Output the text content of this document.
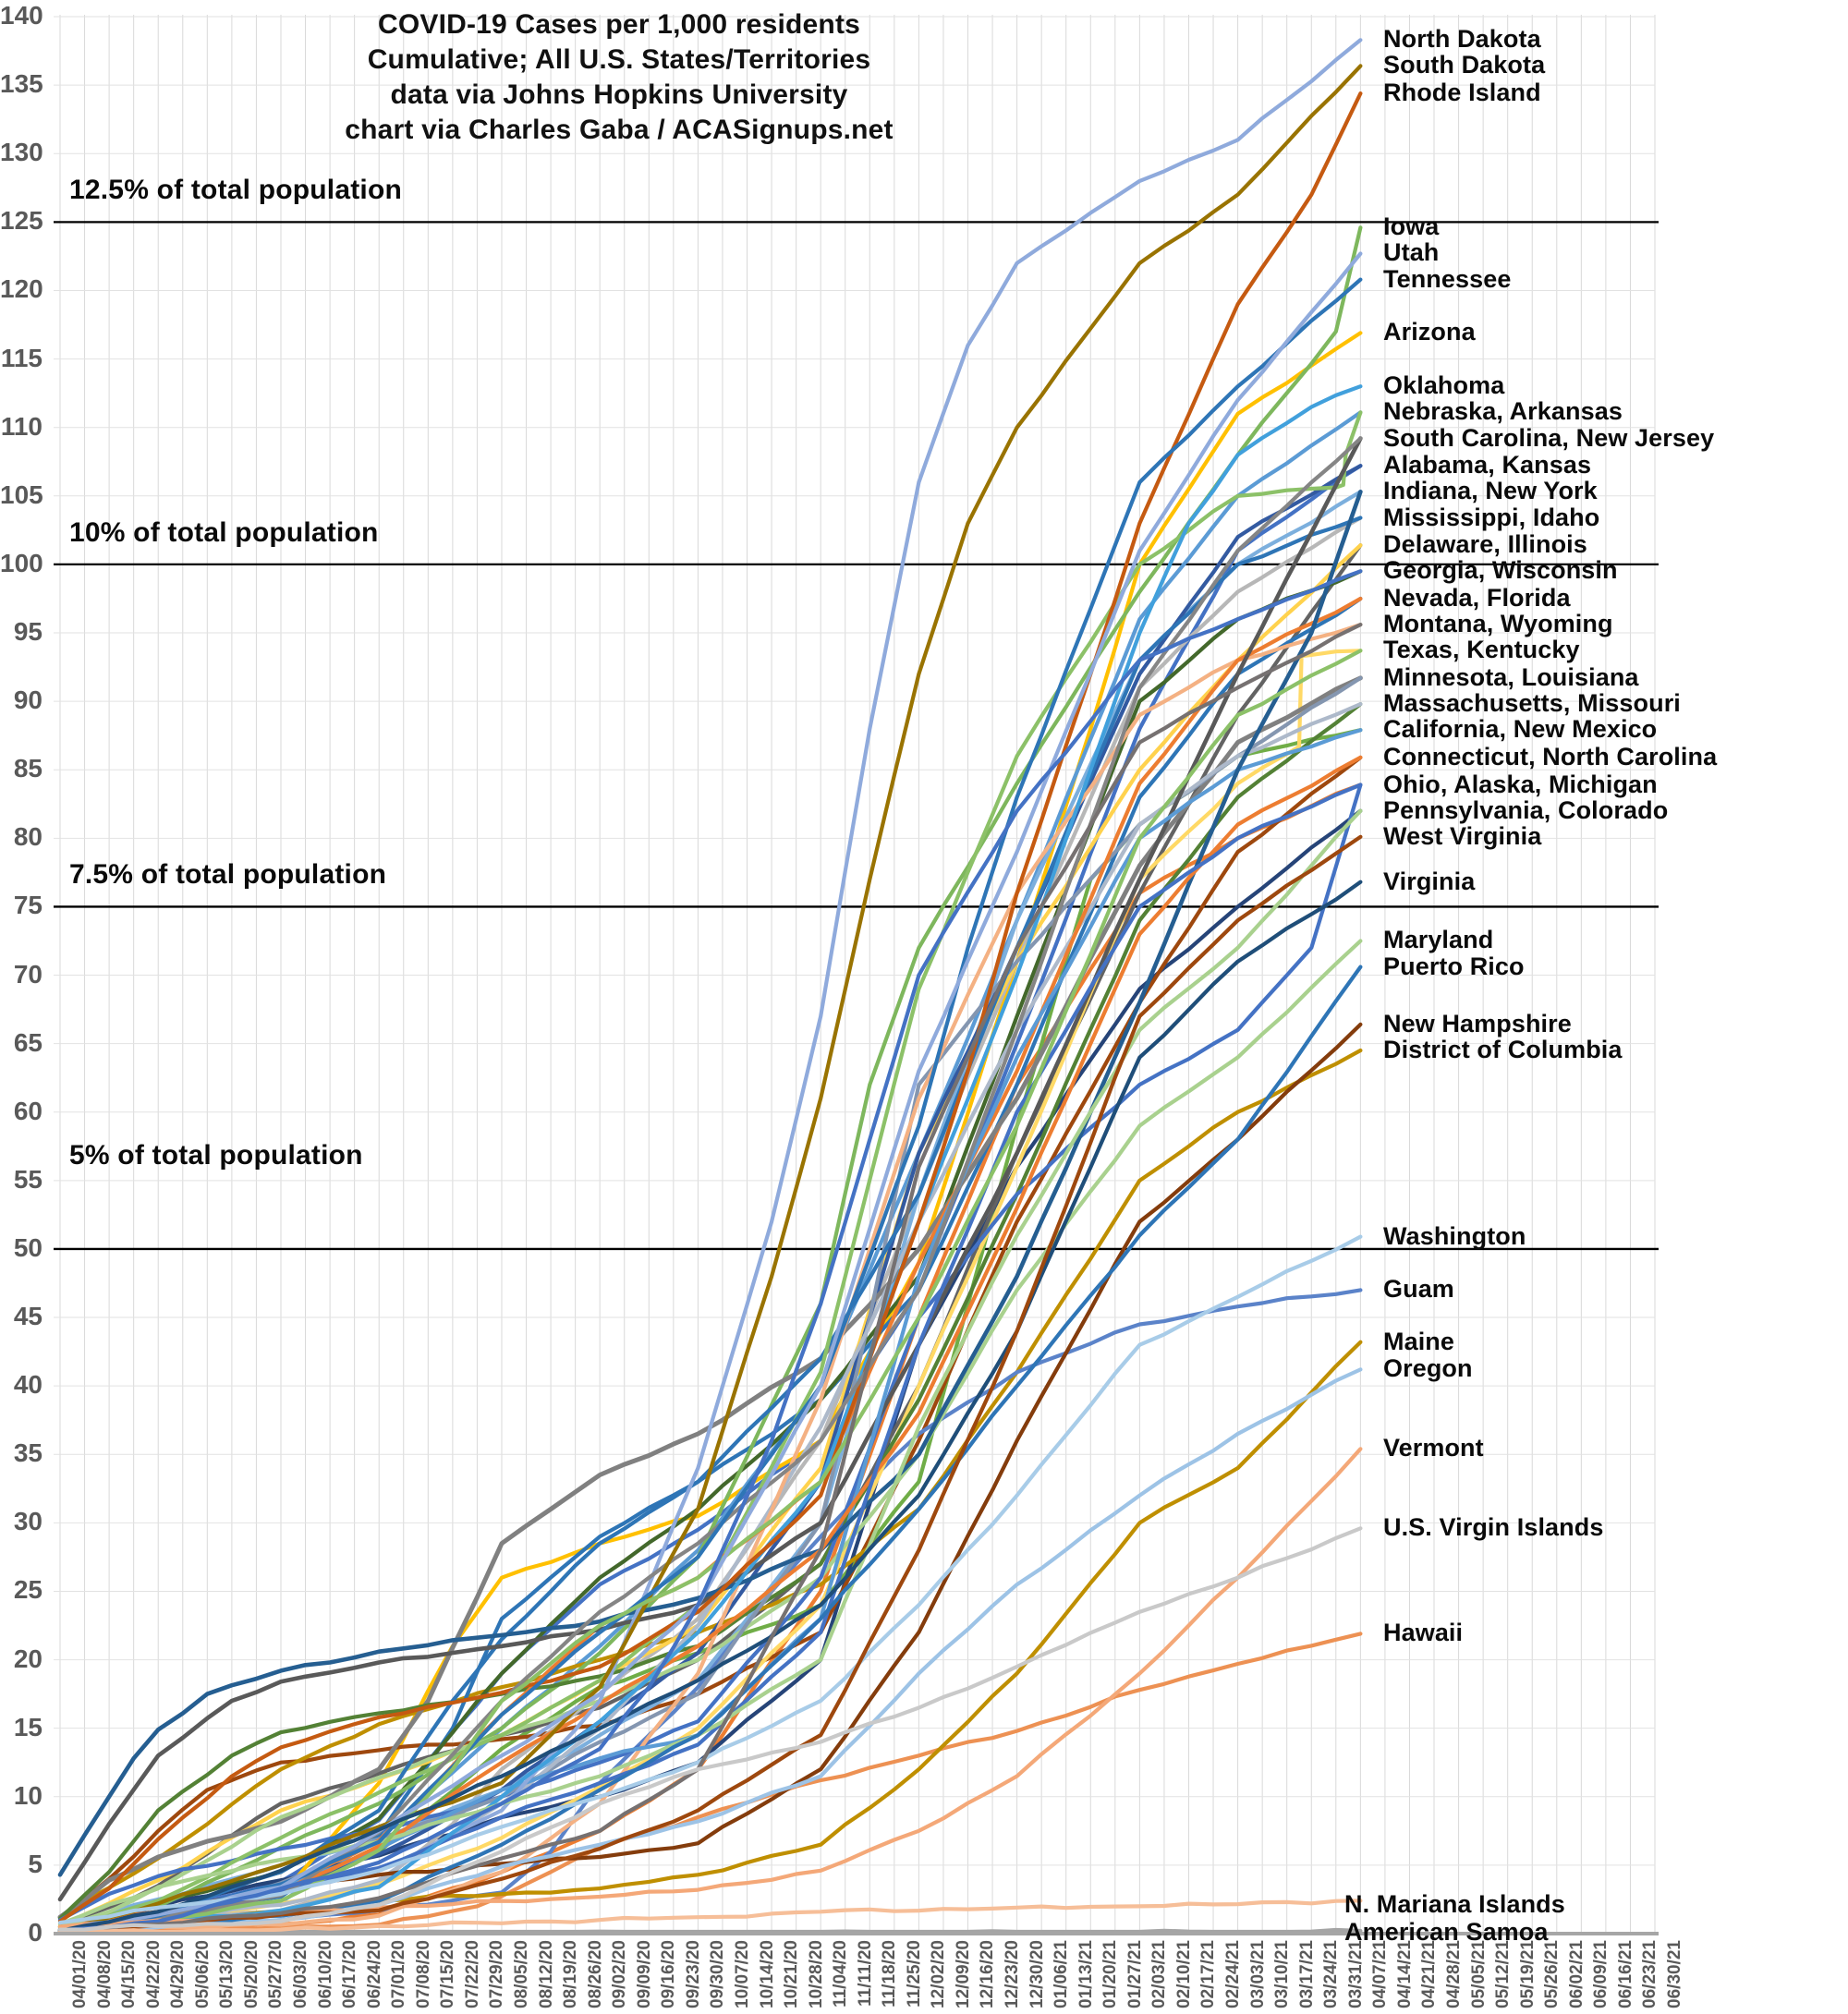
COVID-19 Cases per 1,000 residents
Cumulative; All U.S. States/Territories
data via Johns Hopkins University
chart via Charles Gaba / ACASignups.net
12.5% of total population
10% of total population
7.5% of total population
5% of total population
0
5
10
15
20
25
30
35
40
45
50
55
60
65
70
75
80
85
90
95
100
105
110
115
120
125
130
135
140
04/01/20 04/08/20 04/15/20 04/22/20 04/29/20 05/06/20 05/13/20 05/20/20 05/27/20 06/03/20 06/10/20 06/17/20 06/24/20 07/01/20 07/08/20 07/15/20 07/22/20 07/29/20 08/05/20 08/12/20 08/19/20 08/26/20 09/02/20 09/09/20 09/16/20 09/23/20 09/30/20 10/07/20 10/14/20 10/21/20 10/28/20 11/04/20 11/11/20 11/18/20 11/25/20 12/02/20 12/09/20 12/16/20 12/23/20 12/30/20 01/06/21 01/13/21 01/20/21 01/27/21 02/03/21 02/10/21 02/17/21 02/24/21 03/03/21 03/10/21 03/17/21 03/24/21 03/31/21 04/07/21 04/14/21 04/21/21 04/28/21 05/05/21 05/12/21 05/19/21 05/26/21 06/02/21 06/09/21 06/16/21 06/23/21 06/30/21
North Dakota
South Dakota
Rhode Island
Iowa
Utah
Tennessee
Arizona
Oklahoma
Nebraska, Arkansas
South Carolina, New Jersey
Alabama, Kansas
Indiana, New York
Mississippi, Idaho
Delaware, Illinois
Georgia, Wisconsin
Nevada, Florida
Montana, Wyoming
Texas, Kentucky
Minnesota, Louisiana
Massachusetts, Missouri
California, New Mexico
Connecticut, North Carolina
Ohio, Alaska, Michigan
Pennsylvania, Colorado
West Virginia
Virginia
Maryland
Puerto Rico
New Hampshire
District of Columbia
Washington
Guam
Maine
Oregon
Vermont
U.S. Virgin Islands
Hawaii
N. Mariana Islands
American Samoa
